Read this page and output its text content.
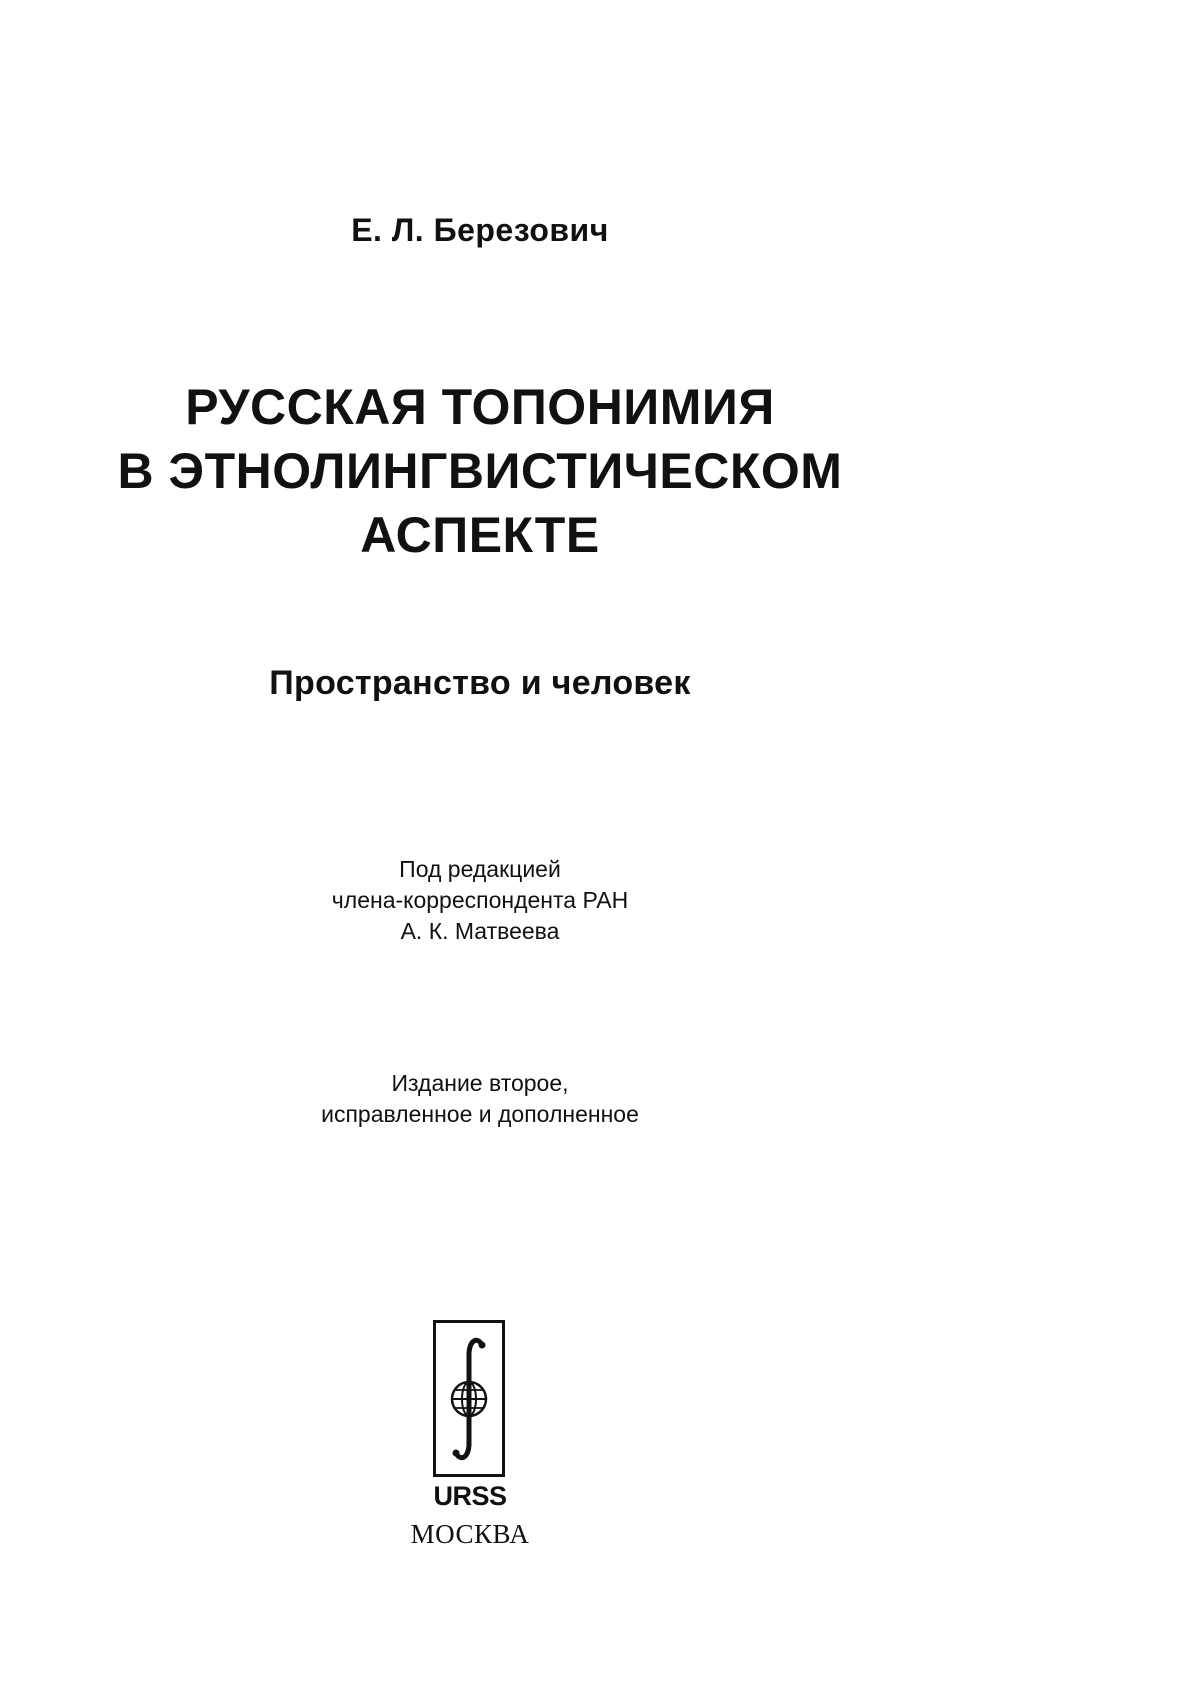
Е. Л. Березович
РУССКАЯ ТОПОНИМИЯ
В ЭТНОЛИНГВИСТИЧЕСКОМ
АСПЕКТЕ
Пространство и человек
Под редакцией
члена-корреспондента РАН
А. К. Матвеева
Издание второе,
исправленное и дополненное
URSS
МОСКВА
